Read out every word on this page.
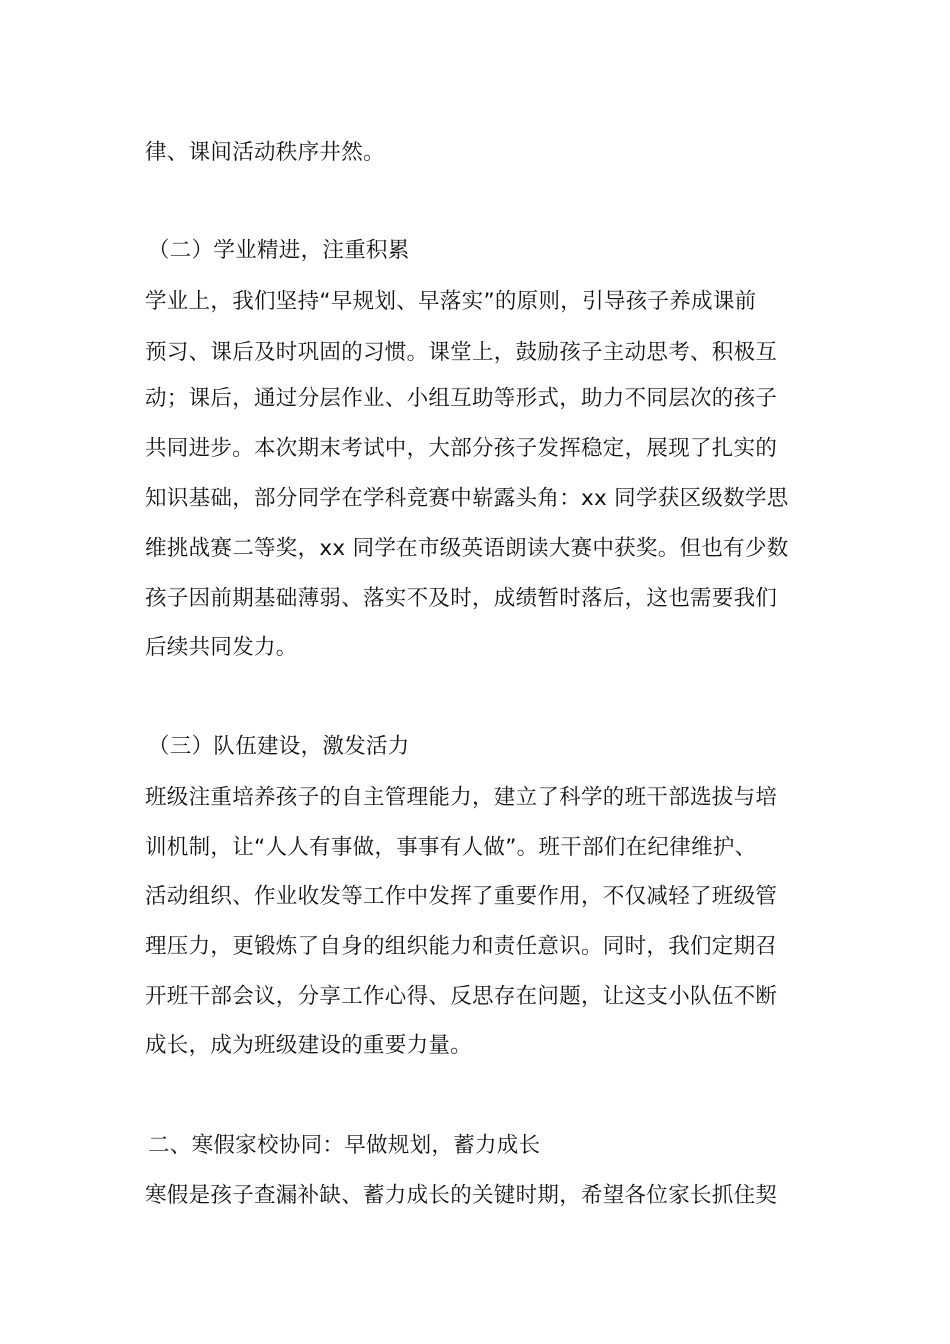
律、课间活动秩序井然。
（二）学业精进，注重积累
学业上，我们坚持“早规划、早落实”的原则，引导孩子养成课前
预习、课后及时巩固的习惯。课堂上，鼓励孩子主动思考、积极互
动；课后，通过分层作业、小组互助等形式，助力不同层次的孩子
共同进步。本次期末考试中，大部分孩子发挥稳定，展现了扎实的
知识基础，部分同学在学科竞赛中崭露头角：xx 同学获区级数学思
维挑战赛二等奖，xx 同学在市级英语朗读大赛中获奖。但也有少数
孩子因前期基础薄弱、落实不及时，成绩暂时落后，这也需要我们
后续共同发力。
（三）队伍建设，激发活力
班级注重培养孩子的自主管理能力，建立了科学的班干部选拔与培
训机制，让“人人有事做，事事有人做”。班干部们在纪律维护、
活动组织、作业收发等工作中发挥了重要作用，不仅减轻了班级管
理压力，更锻炼了自身的组织能力和责任意识。同时，我们定期召
开班干部会议，分享工作心得、反思存在问题，让这支小队伍不断
成长，成为班级建设的重要力量。
二、寒假家校协同：早做规划，蓄力成长
寒假是孩子查漏补缺、蓄力成长的关键时期，希望各位家长抓住契
